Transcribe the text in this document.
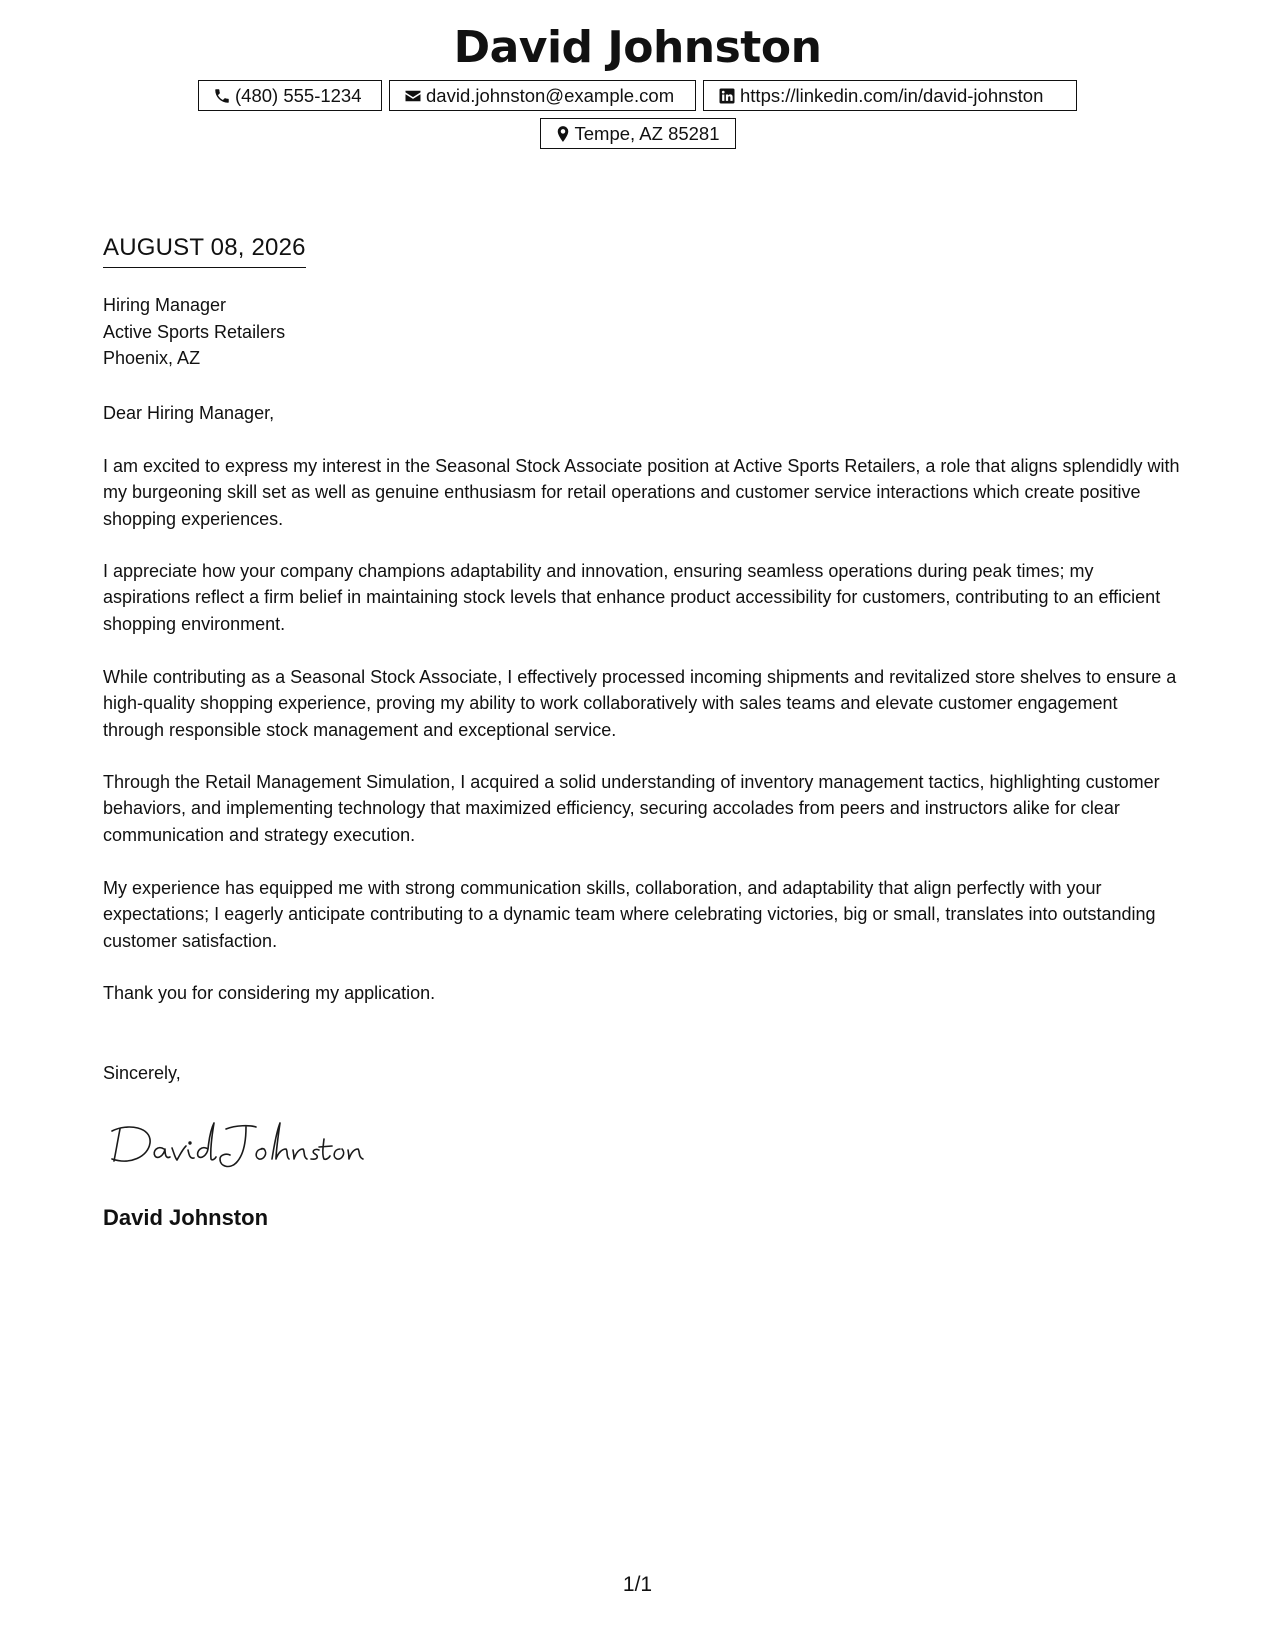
David Johnston
(480) 555-1234	david.johnston@example.com	https://linkedin.com/in/david-johnston
Tempe, AZ 85281
AUGUST 08, 2026
Hiring Manager
Active Sports Retailers
Phoenix, AZ
Dear Hiring Manager,
I am excited to express my interest in the Seasonal Stock Associate position at Active Sports Retailers, a role that aligns splendidly with my burgeoning skill set as well as genuine enthusiasm for retail operations and customer service interactions which create positive shopping experiences.
I appreciate how your company champions adaptability and innovation, ensuring seamless operations during peak times; my aspirations reflect a firm belief in maintaining stock levels that enhance product accessibility for customers, contributing to an efficient shopping environment.
While contributing as a Seasonal Stock Associate, I effectively processed incoming shipments and revitalized store shelves to ensure a high-quality shopping experience, proving my ability to work collaboratively with sales teams and elevate customer engagement through responsible stock management and exceptional service.
Through the Retail Management Simulation, I acquired a solid understanding of inventory management tactics, highlighting customer behaviors, and implementing technology that maximized efficiency, securing accolades from peers and instructors alike for clear communication and strategy execution.
My experience has equipped me with strong communication skills, collaboration, and adaptability that align perfectly with your expectations; I eagerly anticipate contributing to a dynamic team where celebrating victories, big or small, translates into outstanding customer satisfaction.
Thank you for considering my application.
Sincerely,
David Johnston
1/1
